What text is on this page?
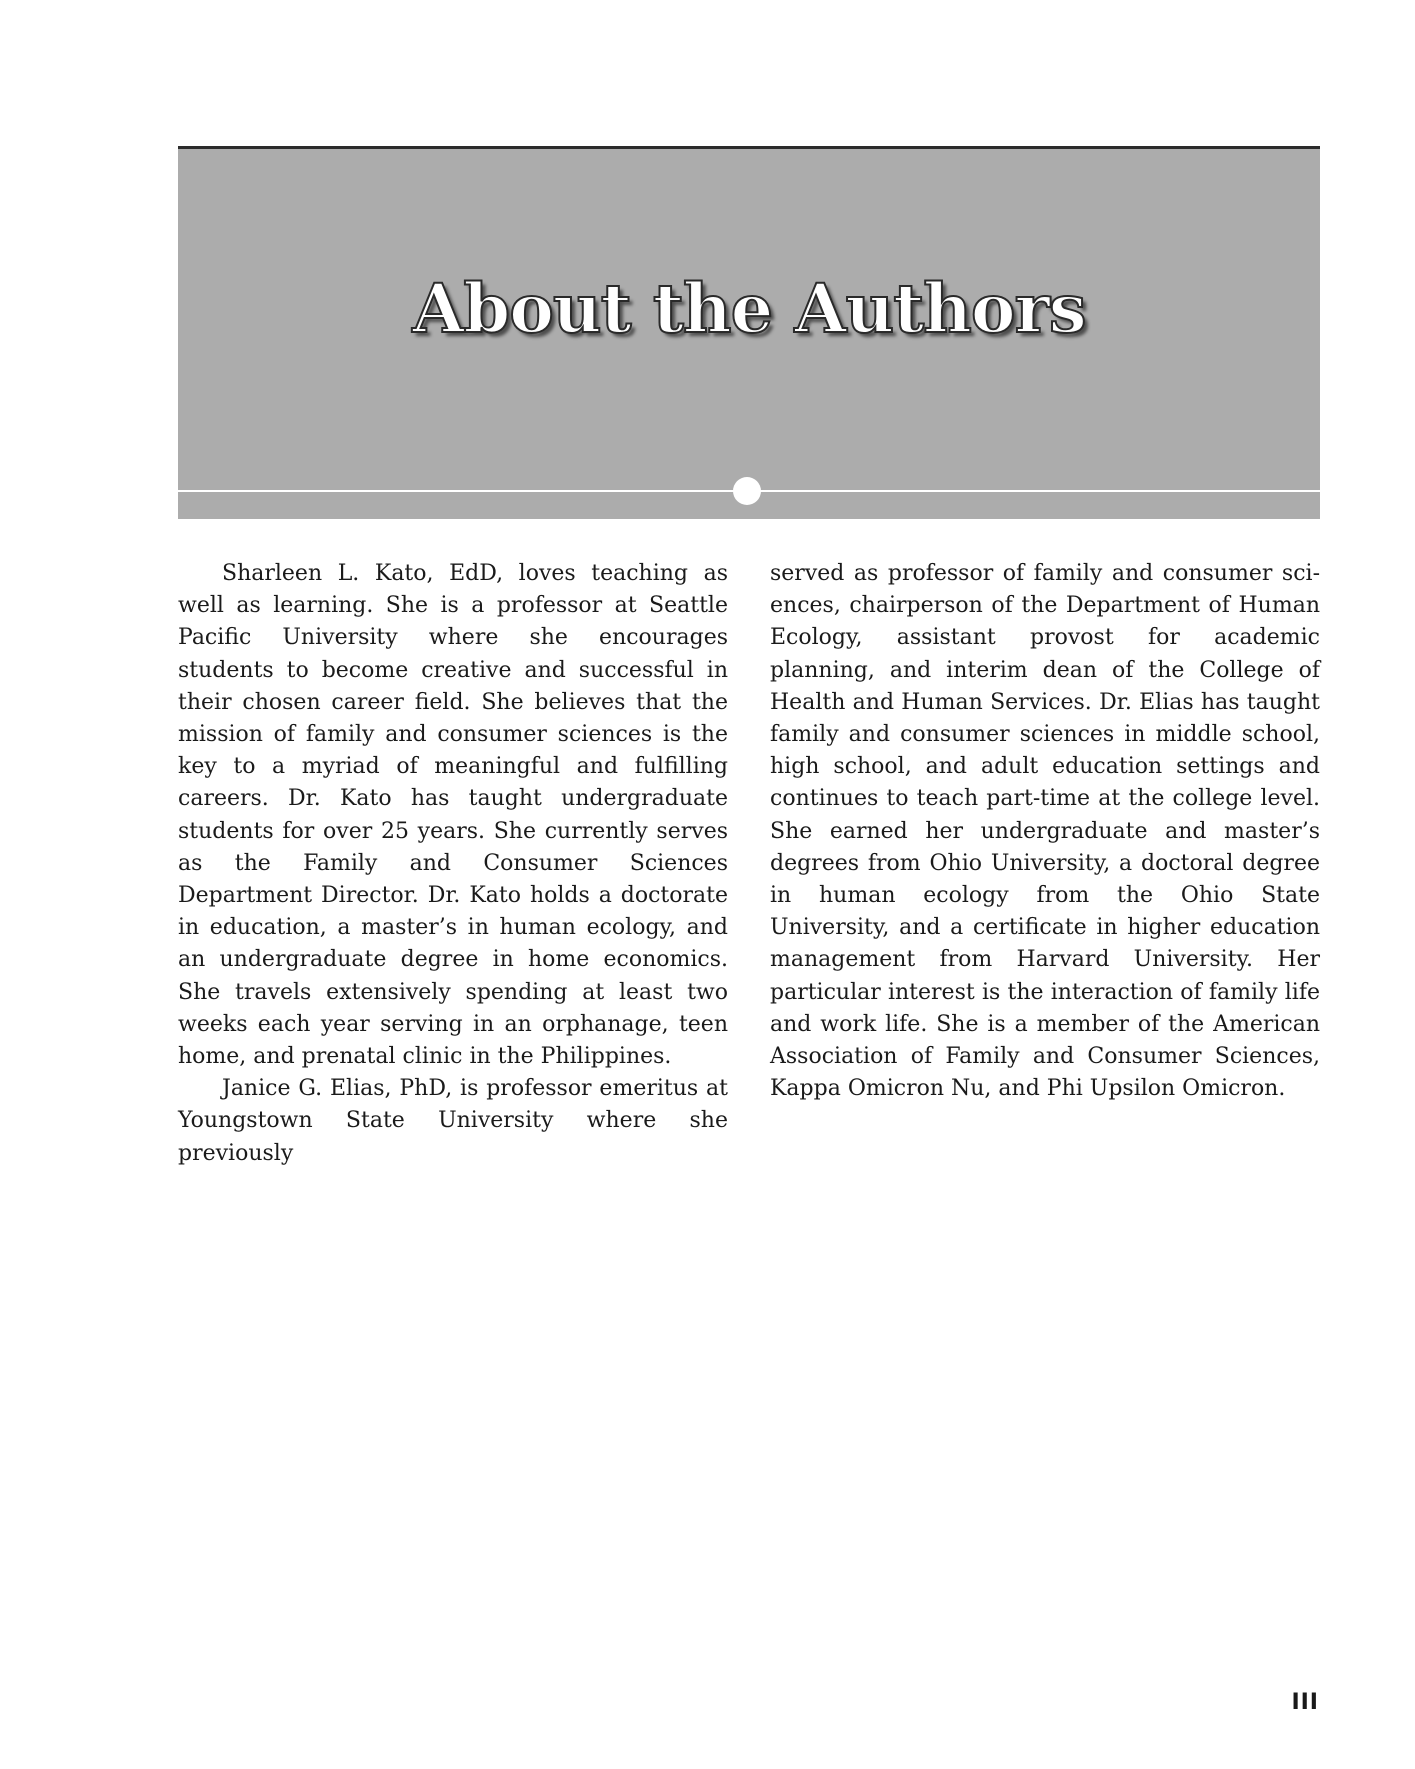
About the Authors

Sharleen L. Kato, EdD, loves teaching as well as learning. She is a professor at Seattle Pacific University where she encourages students to become creative and successful in their chosen career field. She believes that the mission of family and consumer sciences is the key to a myriad of meaningful and fulfilling careers. Dr. Kato has taught undergraduate students for over 25 years. She currently serves as the Family and Consumer Sciences Department Director. Dr. Kato holds a doctorate in education, a master’s in human ecology, and an undergraduate degree in home economics. She travels extensively spending at least two weeks each year serving in an orphanage, teen home, and prenatal clinic in the Philippines.

Janice G. Elias, PhD, is professor emeritus at Youngstown State University where she previously

served as professor of family and consumer sciences, chairperson of the Department of Human Ecology, assistant provost for academic planning, and interim dean of the College of Health and Human Services. Dr. Elias has taught family and consumer sciences in middle school, high school, and adult education settings and continues to teach part-time at the college level. She earned her undergraduate and master’s degrees from Ohio University, a doctoral degree in human ecology from the Ohio State University, and a certificate in higher education management from Harvard University. Her particular interest is the interaction of family life and work life. She is a member of the American Association of Family and Consumer Sciences, Kappa Omicron Nu, and Phi Upsilon Omicron.

III
